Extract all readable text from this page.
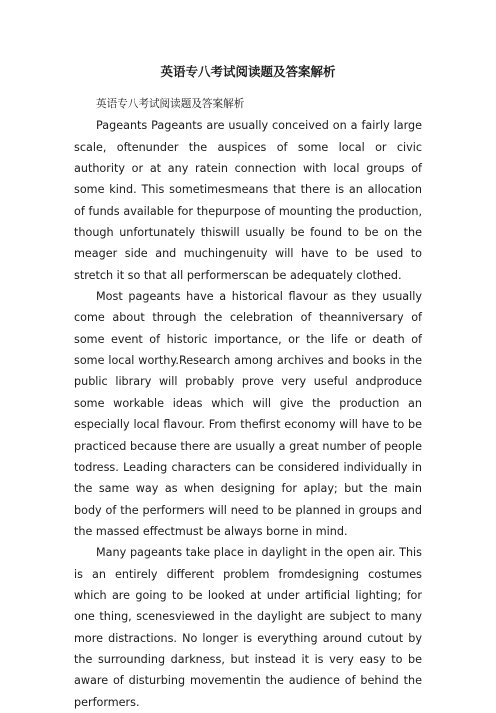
英语专八考试阅读题及答案解析

英语专八考试阅读题及答案解析

Pageants Pageants are usually conceived on a fairly large scale, oftenunder the auspices of some local or civic authority or at any ratein connection with local groups of some kind. This sometimesmeans that there is an allocation of funds available for thepurpose of mounting the production, though unfortunately thiswill usually be found to be on the meager side and muchingenuity will have to be used to stretch it so that all performerscan be adequately clothed.

Most pageants have a historical flavour as they usually come about through the celebration of theanniversary of some event of historic importance, or the life or death of some local worthy.Research among archives and books in the public library will probably prove very useful andproduce some workable ideas which will give the production an especially local flavour. From thefirst economy will have to be practiced because there are usually a great number of people todress. Leading characters can be considered individually in the same way as when designing for aplay; but the main body of the performers will need to be planned in groups and the massed effectmust be always borne in mind.

Many pageants take place in daylight in the open air. This is an entirely different problem fromdesigning costumes which are going to be looked at under artificial lighting; for one thing, scenesviewed in the daylight are subject to many more distractions. No longer is everything around cutout by the surrounding darkness, but instead it is very easy to be aware of disturbing movementin the audience of behind the performers.
